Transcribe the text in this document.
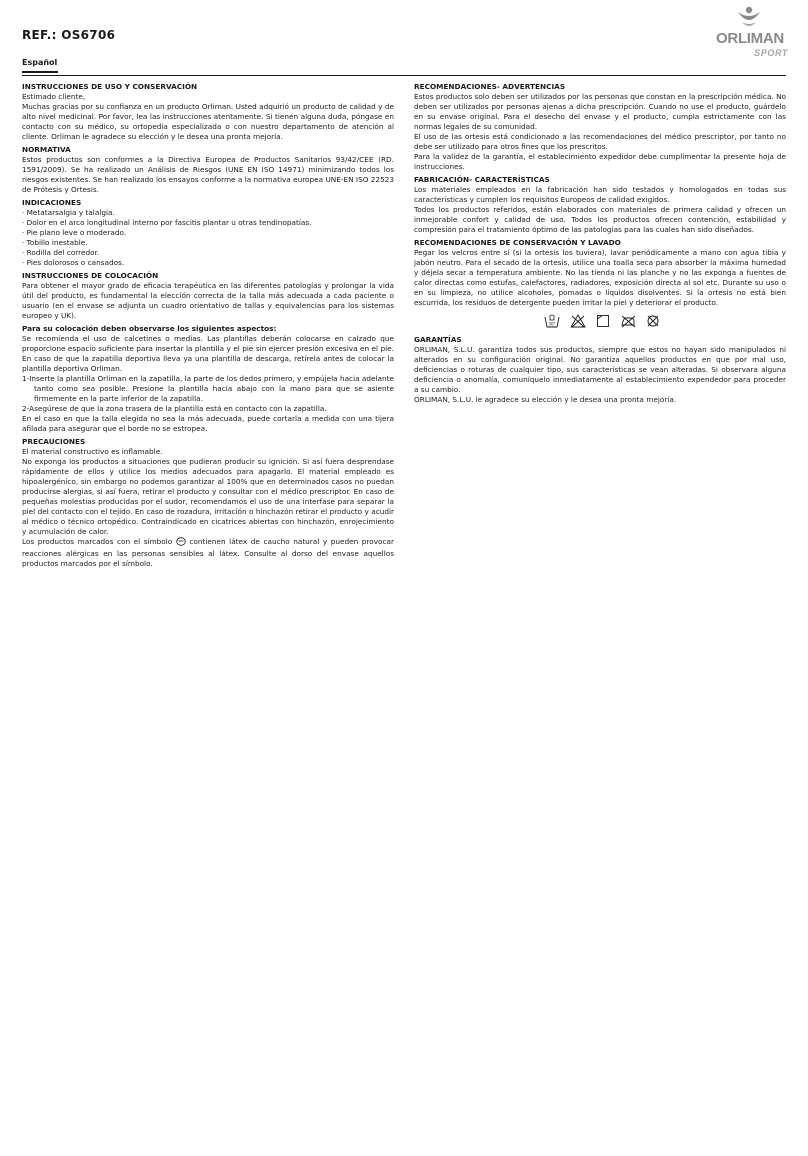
REF.: OS6706	ORLIMAN
SPORT
Español

INSTRUCCIONES DE USO Y CONSERVACIÓN

Estimado cliente,

Muchas gracias por su confianza en un producto Orliman. Usted adquirió un producto de calidad y de alto nivel medicinal. Por favor, lea las instrucciones atentamente. Si tienen alguna duda, póngase en contacto con su médico, su ortopedia especializada o con nuestro departamento de atención al cliente. Orliman le agradece su elección y le desea una pronta mejoría.

NORMATIVA

Estos productos son conformes a la Directiva Europea de Productos Sanitarios 93/42/CEE (RD. 1591/2009). Se ha realizado un Análisis de Riesgos (UNE EN ISO 14971) minimizando todos los riesgos existentes. Se han realizado los ensayos conforme a la normativa europea UNE-EN ISO 22523 de Prótesis y Ortesis.

INDICACIONES

· Metatarsalgia y talalgia.
· Dolor en el arco longitudinal interno por fascitis plantar u otras tendinopatías.
· Pie plano leve o moderado.
· Tobillo inestable.
· Rodilla del corredor.
· Pies dolorosos o cansados.

INSTRUCCIONES DE COLOCACIÓN

Para obtener el mayor grado de eficacia terapéutica en las diferentes patologías y prolongar la vida útil del producto, es fundamental la elección correcta de la talla más adecuada a cada paciente o usuario (en el envase se adjunta un cuadro orientativo de tallas y equivalencias para los sistemas europeo y UK).

Para su colocación deben observarse los siguientes aspectos:

Se recomienda el uso de calcetines o medias. Las plantillas deberán colocarse en calzado que proporcione espacio suficiente para insertar la plantilla y el pie sin ejercer presión excesiva en el pie. En caso de que la zapatilla deportiva lleva ya una plantilla de descarga, retírela antes de colocar la plantilla deportiva Orliman.

1-Inserte la plantilla Orliman en la zapatilla, la parte de los dedos primero, y empújela hacia adelante tanto como sea posible. Presione la plantilla hacia abajo con la mano para que se asiente firmemente en la parte inferior de la zapatilla.

2-Asegúrese de que la zona trasera de la plantilla está en contacto con la zapatilla.

En el caso en que la talla elegida no sea la más adecuada, puede cortarla a medida con una tijera afilada para asegurar que el borde no se estropea.

PRECAUCIONES

El material constructivo es inflamable.

No exponga los productos a situaciones que pudieran producir su ignición. Si así fuera desprendase rápidamente de ellos y utilice los medios adecuados para apagarlo. El material empleado es hipoalergénico, sin embargo no podemos garantizar al 100% que en determinados casos no puedan producirse alergias, si así fuera, retirar el producto y consultar con el médico prescriptor. En caso de pequeñas molestias producidas por el sudor, recomendamos el uso de una interfase para separar la piel del contacto con el tejido. En caso de rozadura, irritación o hinchazón retirar el producto y acudir al médico o técnico ortopédico. Contraindicado en cicatrices abiertas con hinchazón, enrojecimiento y acumulación de calor.

Los productos marcados con el símbolo contienen látex de caucho natural y pueden provocar reacciones alérgicas en las personas sensibles al látex. Consulte al dorso del envase aquellos productos marcados por el símbolo.

RECOMENDACIONES- ADVERTENCIAS

Estos productos solo deben ser utilizados por las personas que constan en la prescripción médica. No deben ser utilizados por personas ajenas a dicha prescripción. Cuando no use el producto, guárdelo en su envase original. Para el desecho del envase y el producto, cumpla estrictamente con las normas legales de su comunidad.

El uso de las ortesis está condicionado a las recomendaciones del médico prescriptor, por tanto no debe ser utilizado para otros fines que los prescritos.

Para la validez de la garantía, el establecimiento expedidor debe cumplimentar la presente hoja de instrucciones.

FABRICACIÓN- CARACTERÍSTICAS

Los materiales empleados en la fabricación han sido testados y homologados en todas sus características y cumplen los requisitos Europeos de calidad exigidos.

Todos los productos referidos, están elaborados con materiales de primera calidad y ofrecen un inmejorable confort y calidad de uso. Todos los productos ofrecen contención, estabilidad y compresión para el tratamiento óptimo de las patologías para las cuales han sido diseñados.

RECOMENDACIONES DE CONSERVACIÓN Y LAVADO

Pegar los velcros entre sí (si la ortesis los tuviera), lavar periódicamente a mano con agua tibia y jabón neutro. Para el secado de la ortesis, utilice una toalla seca para absorber la máxima humedad y déjela secar a temperatura ambiente. No las tienda ni las planche y no las exponga a fuentes de calor directas como estufas, calefactores, radiadores, exposición directa al sol etc. Durante su uso o en su limpieza, no utilice alcoholes, pomadas o líquidos disolventes. Si la ortesis no está bien escurrida, los residuos de detergente pueden irritar la piel y deteriorar el producto.

30°

GARANTÍAS

ORLIMAN, S.L.U. garantiza todos sus productos, siempre que estos no hayan sido manipulados ni alterados en su configuración original. No garantiza aquellos productos en que por mal uso, deficiencias o roturas de cualquier tipo, sus características se vean alteradas. Si observara alguna deficiencia o anomalía, comuníquelo inmediatamente al establecimiento expendedor para proceder a su cambio.

ORLIMAN, S.L.U. le agradece su elección y le desea una pronta mejoría.
